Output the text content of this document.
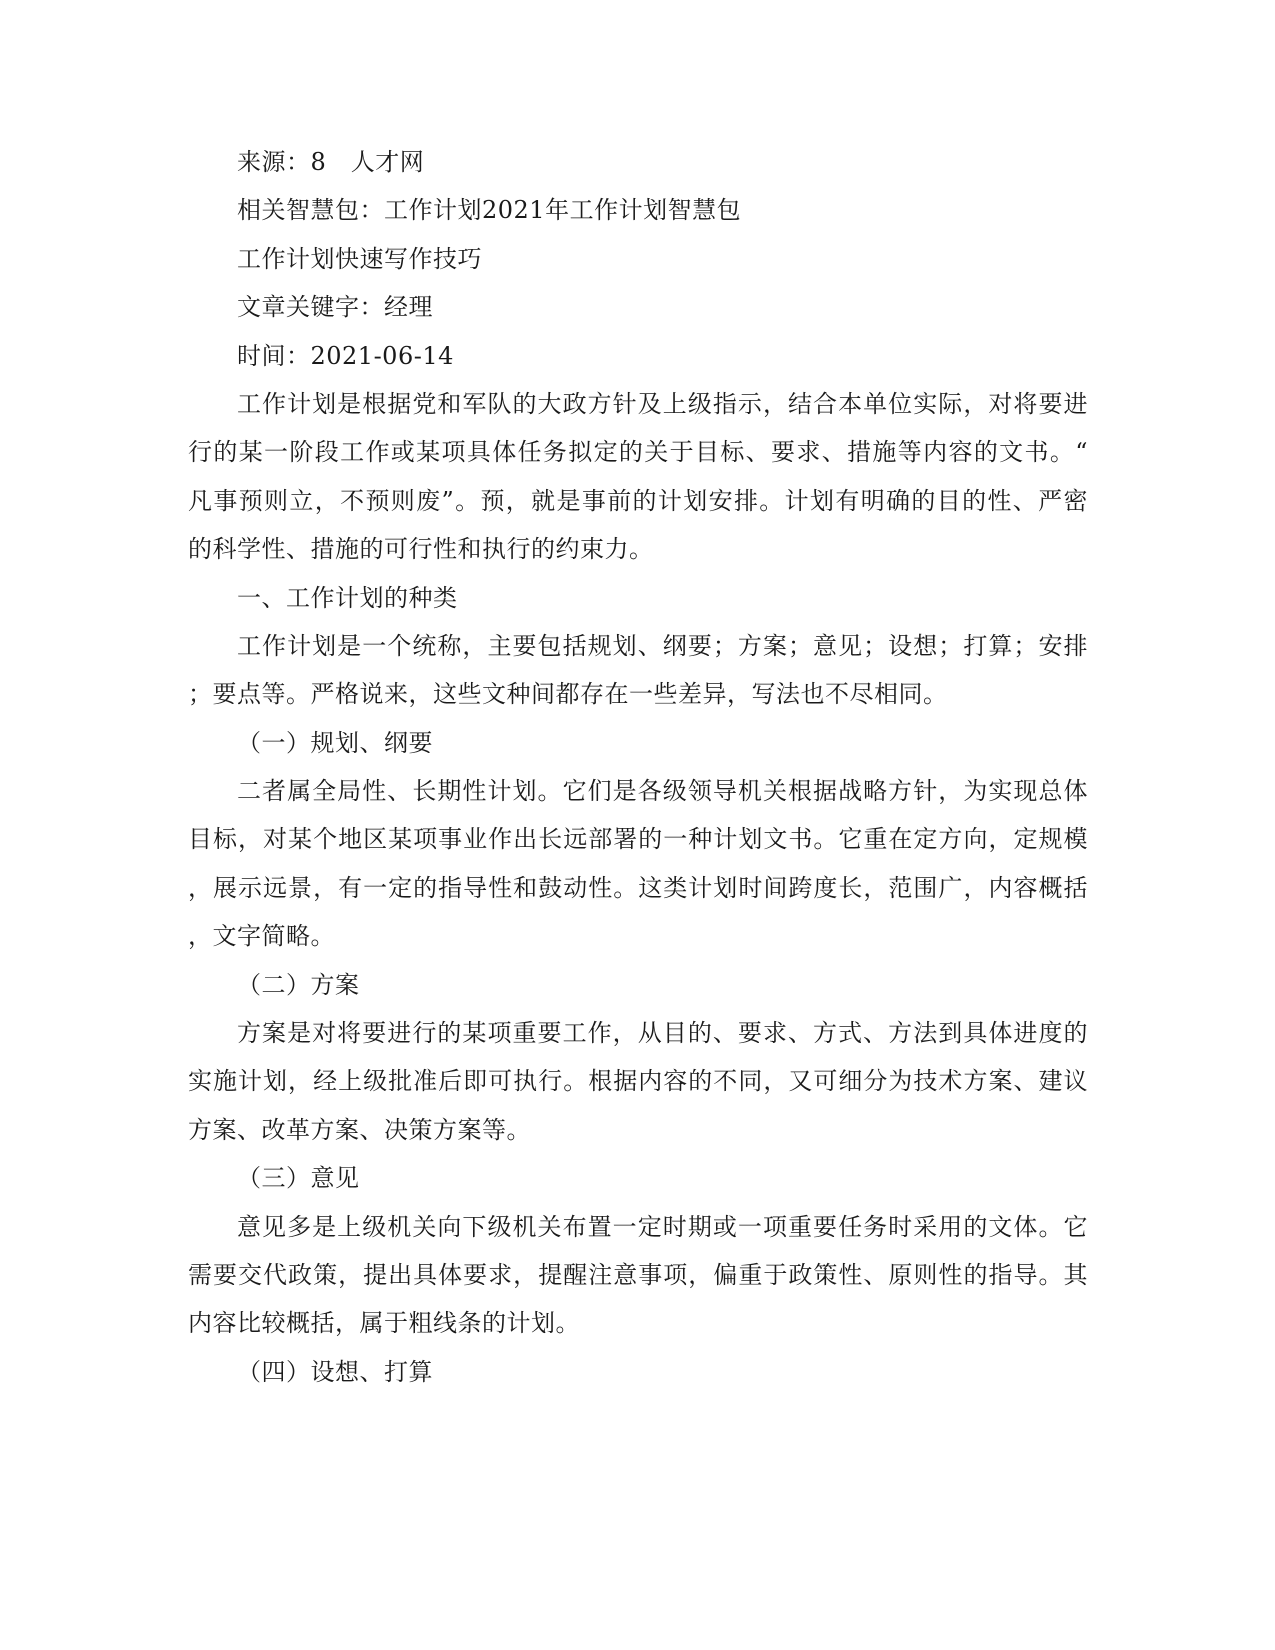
来源：8　人才网
相关智慧包：工作计划2021年工作计划智慧包
工作计划快速写作技巧
文章关键字：经理
时间：2021-06-14
工作计划是根据党和军队的大政方针及上级指示，结合本单位实际，对将要进
行的某一阶段工作或某项具体任务拟定的关于目标、要求、措施等内容的文书。“
凡事预则立，不预则废”。预，就是事前的计划安排。计划有明确的目的性、严密
的科学性、措施的可行性和执行的约束力。
一、工作计划的种类
工作计划是一个统称，主要包括规划、纲要；方案；意见；设想；打算；安排
；要点等。严格说来，这些文种间都存在一些差异，写法也不尽相同。
（一）规划、纲要
二者属全局性、长期性计划。它们是各级领导机关根据战略方针，为实现总体
目标，对某个地区某项事业作出长远部署的一种计划文书。它重在定方向，定规模
，展示远景，有一定的指导性和鼓动性。这类计划时间跨度长，范围广，内容概括
，文字简略。
（二）方案
方案是对将要进行的某项重要工作，从目的、要求、方式、方法到具体进度的
实施计划，经上级批准后即可执行。根据内容的不同，又可细分为技术方案、建议
方案、改革方案、决策方案等。
（三）意见
意见多是上级机关向下级机关布置一定时期或一项重要任务时采用的文体。它
需要交代政策，提出具体要求，提醒注意事项，偏重于政策性、原则性的指导。其
内容比较概括，属于粗线条的计划。
（四）设想、打算
